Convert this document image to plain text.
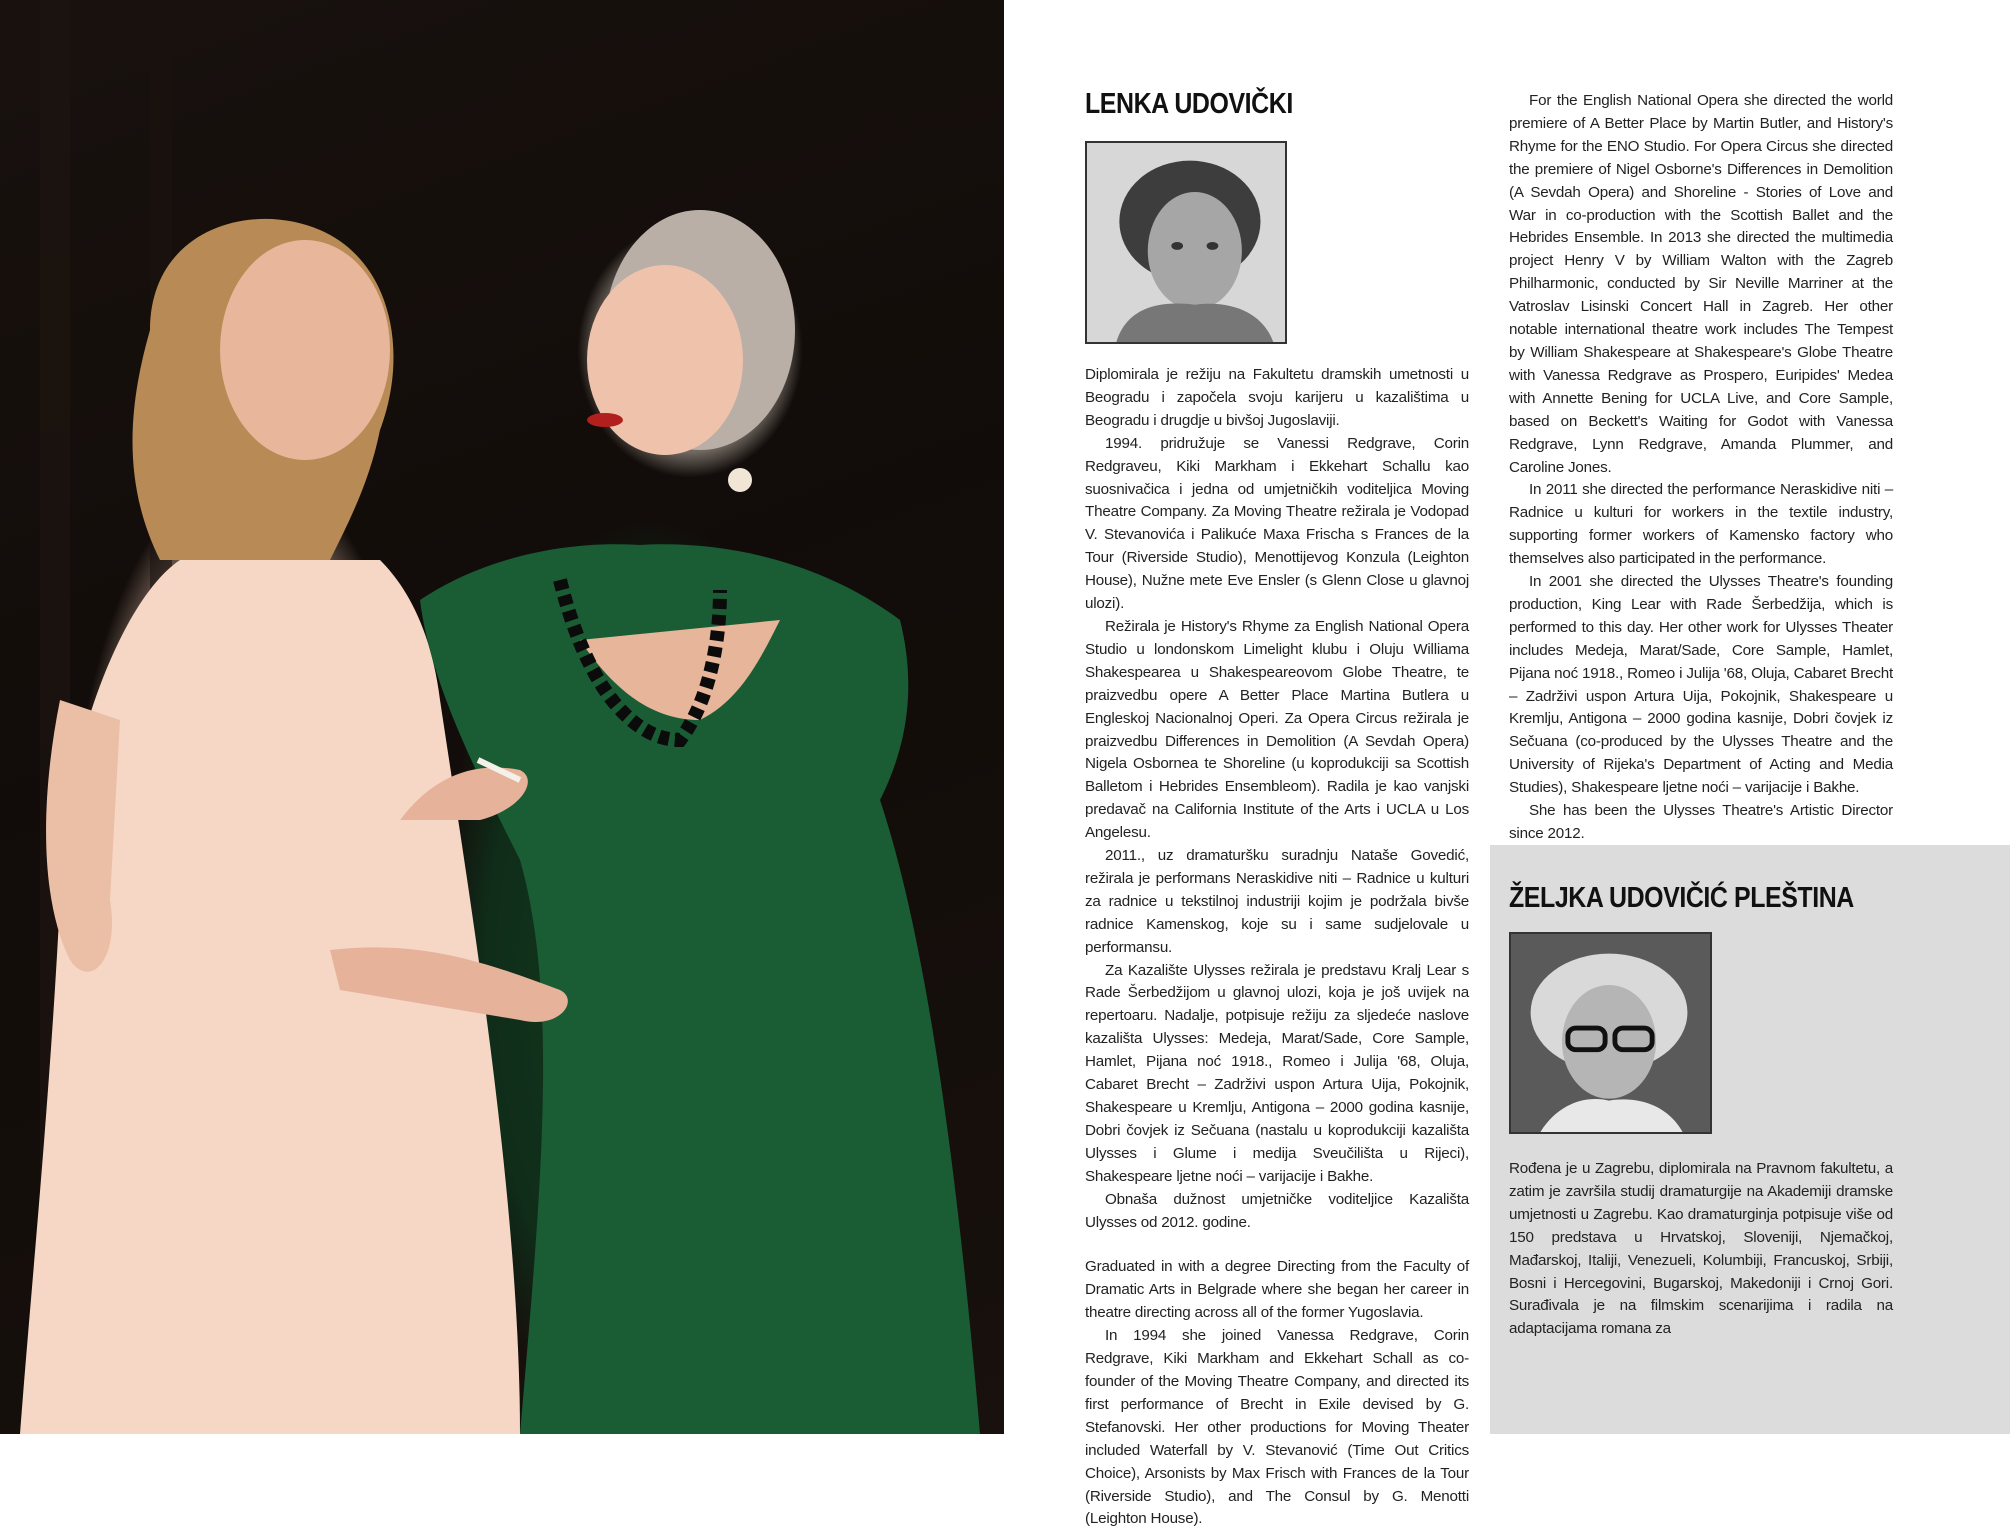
LENKA UDOVIČKI

Diplomirala je režiju na Fakultetu dramskih umetnosti u Beogradu i započela svoju karijeru u kazalištima u Beogradu i drugdje u bivšoj Jugoslaviji.

1994. pridružuje se Vanessi Redgrave, Corin Redgraveu, Kiki Markham i Ekkehart Schallu kao suosnivačica i jedna od umjetničkih voditeljica Moving Theatre Company. Za Moving Theatre režirala je Vodopad V. Stevanovića i Palikuće Maxa Frischa s Frances de la Tour (Riverside Studio), Menottijevog Konzulа (Leighton House), Nužne mete Eve Ensler (s Glenn Close u glavnoj ulozi).

Režirala je History's Rhyme za English National Opera Studio u londonskom Limelight klubu i Oluju Williama Shakespearea u Shakespeareovom Globe Theatre, te praizvedbu opere A Better Place Martina Butlera u Engleskoj Nacionalnoj Operi. Za Opera Circus režirala je praizvedbu Differences in Demolition (A Sevdah Opera) Nigela Osbornea te Shoreline (u koprodukciji sa Scottish Balletom i Hebrides Ensembleom). Radila je kao vanjski predavač na California Institute of the Arts i UCLA u Los Angelesu.

2011., uz dramaturšku suradnju Nataše Govedić, režirala je performans Neraskidive niti – Radnice u kulturi za radnice u tekstilnoj industriji kojim je podržala bivše radnice Kamenskog, koje su i same sudjelovale u performansu.

Za Kazalište Ulysses režirala je predstavu Kralj Lear s Rade Šerbedžijom u glavnoj ulozi, koja je još uvijek na repertoaru. Nadalje, potpisuje režiju za sljedeće naslove kazališta Ulysses: Medeja, Marat/Sade, Core Sample, Hamlet, Pijana noć 1918., Romeo i Julija '68, Oluja, Cabaret Brecht – Zadrživi uspon Artura Uija, Pokojnik, Shakespeare u Kremlju, Antigona – 2000 godina kasnije, Dobri čovjek iz Sečuana (nastalu u koprodukciji kazališta Ulysses i Glume i medija Sveučilišta u Rijeci), Shakespeare ljetne noći – varijacije i Bakhe.

Obnaša dužnost umjetničke voditeljice Kazališta Ulysses od 2012. godine.

Graduated in with a degree Directing from the Faculty of Dramatic Arts in Belgrade where she began her career in theatre directing across all of the former Yugoslavia.

In 1994 she joined Vanessa Redgrave, Corin Redgrave, Kiki Markham and Ekkehart Schall as co-founder of the Moving Theatre Company, and directed its first performance of Brecht in Exile devised by G. Stefanovski. Her other productions for Moving Theater included Waterfall by V. Stevanović (Time Out Critics Choice), Arsonists by Max Frisch with Frances de la Tour (Riverside Studio), and The Consul by G. Menotti (Leighton House).

For the English National Opera she directed the world premiere of A Better Place by Martin Butler, and History's Rhyme for the ENO Studio. For Opera Circus she directed the premiere of Nigel Osborne's Differences in Demolition (A Sevdah Opera) and Shoreline - Stories of Love and War in co-production with the Scottish Ballet and the Hebrides Ensemble. In 2013 she directed the multimedia project Henry V by William Walton with the Zagreb Philharmonic, conducted by Sir Neville Marriner at the Vatroslav Lisinski Concert Hall in Zagreb. Her other notable international theatre work includes The Tempest by William Shakespeare at Shakespeare's Globe Theatre with Vanessa Redgrave as Prospero, Euripides' Medea with Annette Bening for UCLA Live, and Core Sample, based on Beckett's Waiting for Godot with Vanessa Redgrave, Lynn Redgrave, Amanda Plummer, and Caroline Jones.

In 2011 she directed the performance Neraskidive niti – Radnice u kulturi for workers in the textile industry, supporting former workers of Kamensko factory who themselves also participated in the performance.

In 2001 she directed the Ulysses Theatre's founding production, King Lear with Rade Šerbedžija, which is performed to this day. Her other work for Ulysses Theater includes Medeja, Marat/Sade, Core Sample, Hamlet, Pijana noć 1918., Romeo i Julija '68, Oluja, Cabaret Brecht – Zadrživi uspon Artura Uija, Pokojnik, Shakespeare u Kremlju, Antigona – 2000 godina kasnije, Dobri čovjek iz Sečuana (co-produced by the Ulysses Theatre and the University of Rijeka's Department of Acting and Media Studies), Shakespeare ljetne noći – varijacije i Bakhe.

She has been the Ulysses Theatre's Artistic Director since 2012.

ŽELJKA UDOVIČIĆ PLEŠTINA

Rođena je u Zagrebu, diplomirala na Pravnom fakultetu, a zatim je završila studij dramaturgije na Akademiji dramske umjetnosti u Zagrebu. Kao dramaturginja potpisuje više od 150 predstava u Hrvatskoj, Sloveniji, Njemačkoj, Mađarskoj, Italiji, Venezueli, Kolumbiji, Francuskoj, Srbiji, Bosni i Hercegovini, Bugarskoj, Makedoniji i Crnoj Gori. Surađivala je na filmskim scenarijima i radila na adaptacijama romana za
